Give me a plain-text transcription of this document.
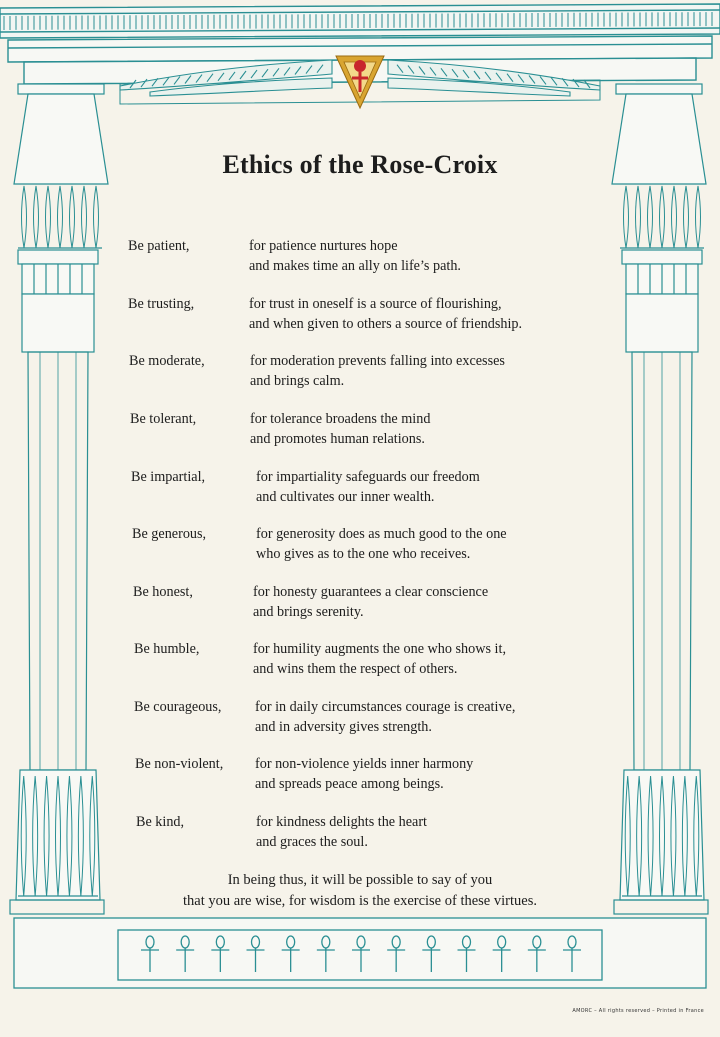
Ethics of the Rose-Croix
Be patient,	for patience nurtures hope
and makes time an ally on life’s path.
Be trusting,	for trust in oneself is a source of flourishing,
and when given to others a source of friendship.
Be moderate,	for moderation prevents falling into excesses
and brings calm.
Be tolerant,	for tolerance broadens the mind
and promotes human relations.
Be impartial,	for impartiality safeguards our freedom
and cultivates our inner wealth.
Be generous,	for generosity does as much good to the one
who gives as to the one who receives.
Be honest,	for honesty guarantees a clear conscience
and brings serenity.
Be humble,	for humility augments the one who shows it,
and wins them the respect of others.
Be courageous, for in daily circumstances courage is creative,
and in adversity gives strength.
Be non-violent, for non-violence yields inner harmony
and spreads peace among beings.
Be kind,	for kindness delights the heart
and graces the soul.
In being thus, it will be possible to say of you
that you are wise, for wisdom is the exercise of these virtues.
AMORC – All rights reserved – Printed in France
